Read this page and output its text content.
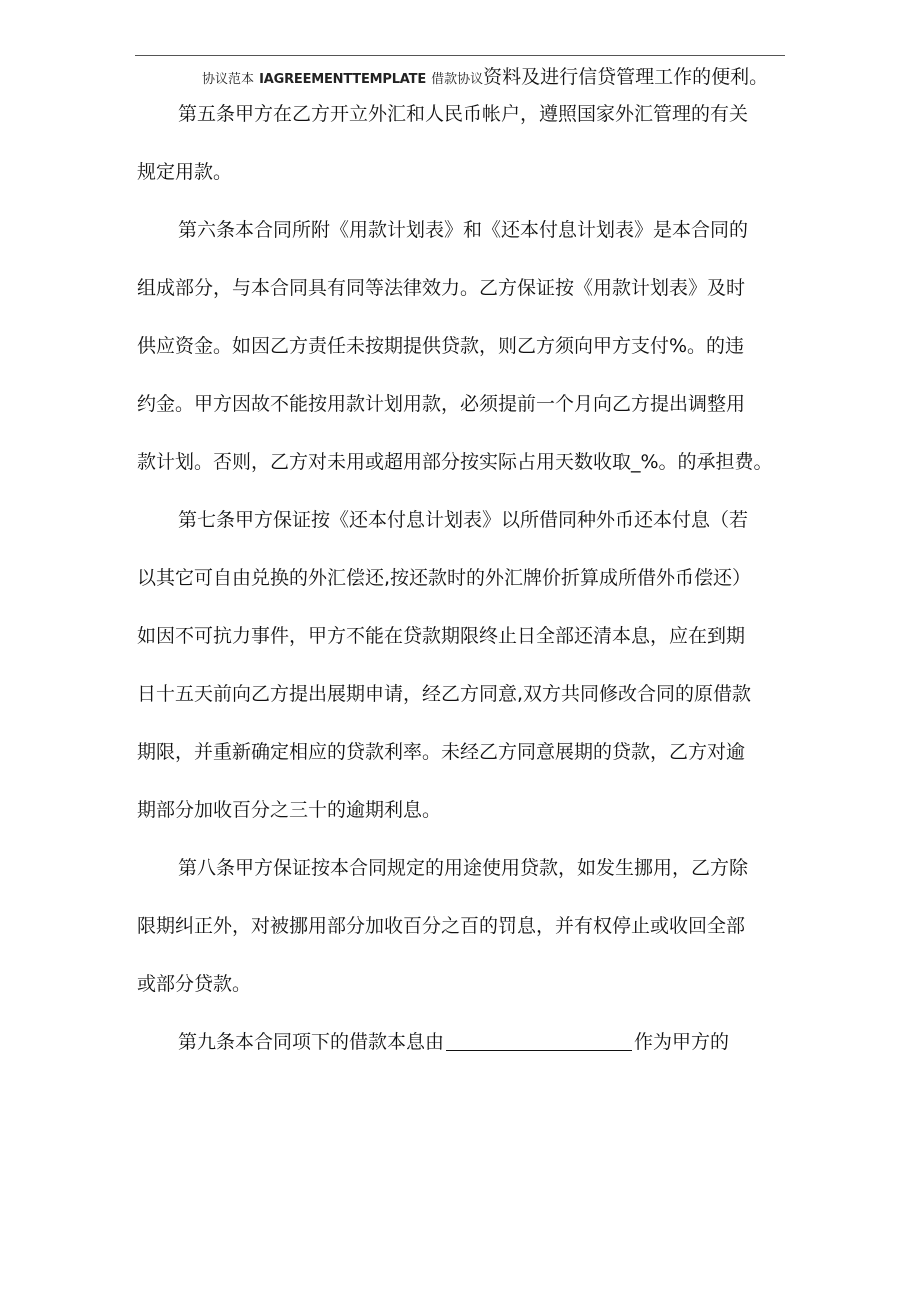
协议范本 IAGREEMENTTEMPLATE 借款协议资料及进行信贷管理工作的便利。

第五条甲方在乙方开立外汇和人民币帐户，遵照国家外汇管理的有关
规定用款。

第六条本合同所附《用款计划表》和《还本付息计划表》是本合同的
组成部分，与本合同具有同等法律效力。乙方保证按《用款计划表》及时
供应资金。如因乙方责任未按期提供贷款，则乙方须向甲方支付%。的违
约金。甲方因故不能按用款计划用款，必须提前一个月向乙方提出调整用
款计划。否则，乙方对未用或超用部分按实际占用天数收取_%。的承担费。

第七条甲方保证按《还本付息计划表》以所借同种外币还本付息（若
以其它可自由兑换的外汇偿还,按还款时的外汇牌价折算成所借外币偿还）
如因不可抗力事件，甲方不能在贷款期限终止日全部还清本息，应在到期
日十五天前向乙方提出展期申请，经乙方同意,双方共同修改合同的原借款
期限，并重新确定相应的贷款利率。未经乙方同意展期的贷款，乙方对逾
期部分加收百分之三十的逾期利息。

第八条甲方保证按本合同规定的用途使用贷款，如发生挪用，乙方除
限期纠正外，对被挪用部分加收百分之百的罚息，并有权停止或收回全部
或部分贷款。

第九条本合同项下的借款本息由	作为甲方的
